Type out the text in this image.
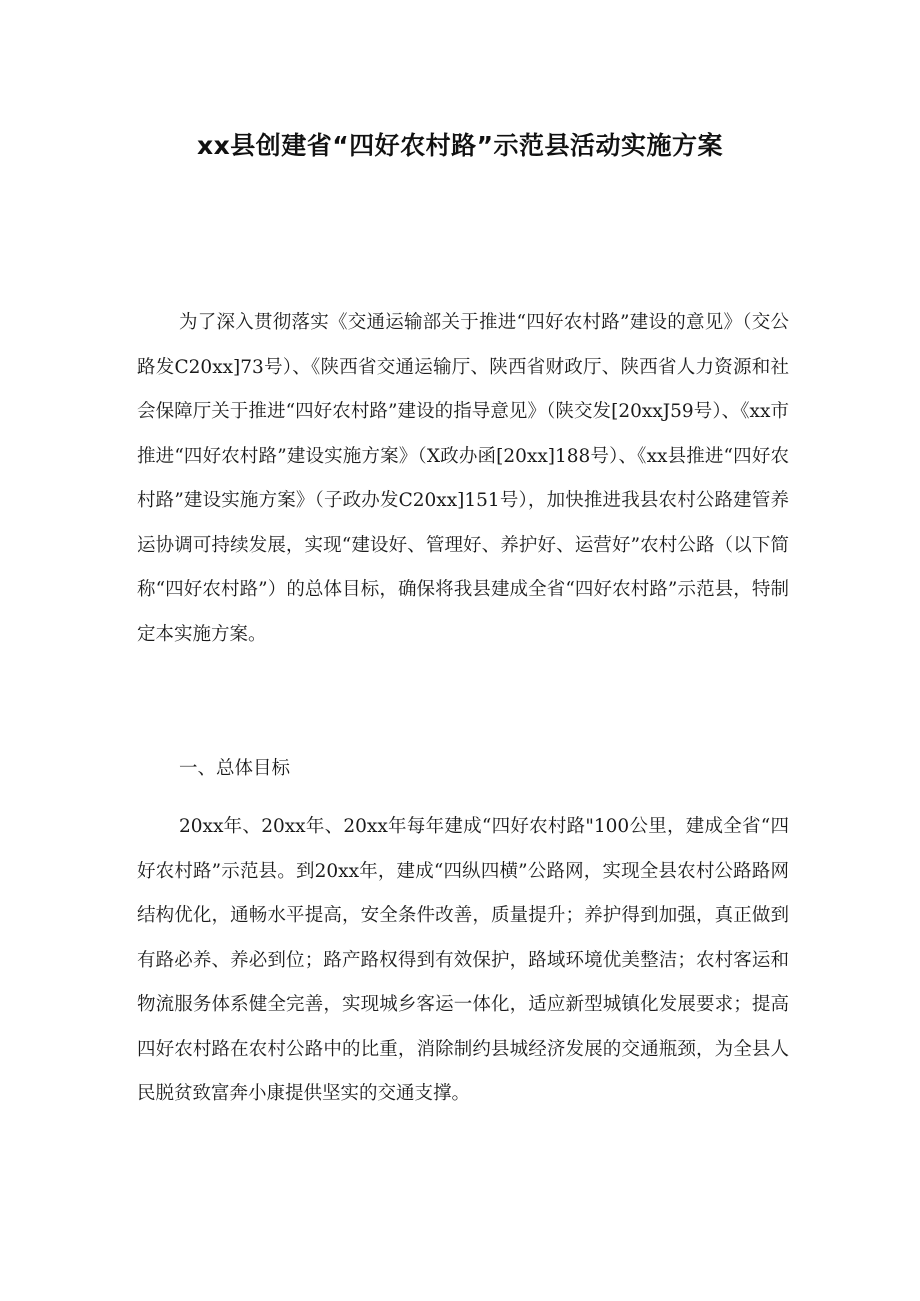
xx县创建省“四好农村路”示范县活动实施方案

为了深入贯彻落实《交通运输部关于推进“四好农村路”建设的意见》（交公路发C20xx]73号）、《陕西省交通运输厅、陕西省财政厅、陕西省人力资源和社会保障厅关于推进“四好农村路”建设的指导意见》（陕交发[20xxJ59号）、《xx市推进“四好农村路”建设实施方案》（X政办函[20xx]188号）、《xx县推进“四好农村路”建设实施方案》（子政办发C20xx]151号），加快推进我县农村公路建管养运协调可持续发展，实现“建设好、管理好、养护好、运营好”农村公路（以下简称“四好农村路”）的总体目标，确保将我县建成全省“四好农村路”示范县，特制定本实施方案。

一、总体目标

20xx年、20xx年、20xx年每年建成“四好农村路"100公里，建成全省“四好农村路”示范县。到20xx年，建成“四纵四横”公路网，实现全县农村公路路网结构优化，通畅水平提高，安全条件改善，质量提升；养护得到加强，真正做到有路必养、养必到位；路产路权得到有效保护，路域环境优美整洁；农村客运和物流服务体系健全完善，实现城乡客运一体化，适应新型城镇化发展要求；提高四好农村路在农村公路中的比重，消除制约县城经济发展的交通瓶颈，为全县人民脱贫致富奔小康提供坚实的交通支撑。
